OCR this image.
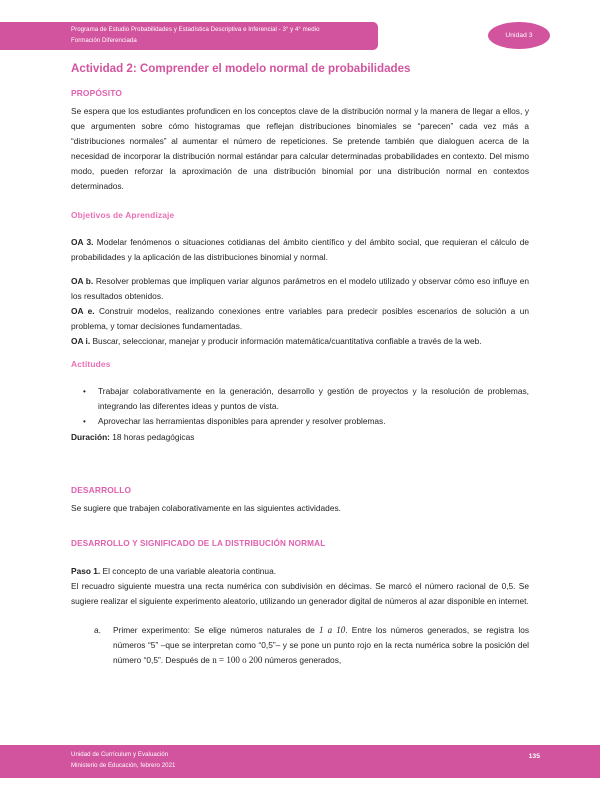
Programa de Estudio Probabilidades y Estadística Descriptiva e Inferencial - 3° y 4° medio
Formación Diferenciada
Unidad 3
Actividad 2: Comprender el modelo normal de probabilidades
PROPÓSITO

Se espera que los estudiantes profundicen en los conceptos clave de la distribución normal y la manera de llegar a ellos, y que argumenten sobre cómo histogramas que reflejan distribuciones binomiales se “parecen” cada vez más a “distribuciones normales” al aumentar el número de repeticiones. Se pretende también que dialoguen acerca de la necesidad de incorporar la distribución normal estándar para calcular determinadas probabilidades en contexto. Del mismo modo, pueden reforzar la aproximación de una distribución binomial por una distribución normal en contextos determinados.

Objetivos de Aprendizaje

OA 3. Modelar fenómenos o situaciones cotidianas del ámbito científico y del ámbito social, que requieran el cálculo de probabilidades y la aplicación de las distribuciones binomial y normal.

OA b. Resolver problemas que impliquen variar algunos parámetros en el modelo utilizado y observar cómo eso influye en los resultados obtenidos.

OA e. Construir modelos, realizando conexiones entre variables para predecir posibles escenarios de solución a un problema, y tomar decisiones fundamentadas.

OA i. Buscar, seleccionar, manejar y producir información matemática/cuantitativa confiable a través de la web.

Actitudes
• Trabajar colaborativamente en la generación, desarrollo y gestión de proyectos y la resolución de problemas, integrando las diferentes ideas y puntos de vista.
• Aprovechar las herramientas disponibles para aprender y resolver problemas.
Duración: 18 horas pedagógicas
DESARROLLO

Se sugiere que trabajen colaborativamente en las siguientes actividades.

DESARROLLO Y SIGNIFICADO DE LA DISTRIBUCIÓN NORMAL

Paso 1. El concepto de una variable aleatoria continua.

El recuadro siguiente muestra una recta numérica con subdivisión en décimas. Se marcó el número racional de 0,5. Se sugiere realizar el siguiente experimento aleatorio, utilizando un generador digital de números al azar disponible en internet.

a. Primer experimento: Se elige números naturales de 1 a 10. Entre los números generados, se registra los números “5” –que se interpretan como “0,5”– y se pone un punto rojo en la recta numérica sobre la posición del número “0,5”. Después de n = 100 o 200 números generados,
Unidad de Currículum y Evaluación
Ministerio de Educación, febrero 2021
135
